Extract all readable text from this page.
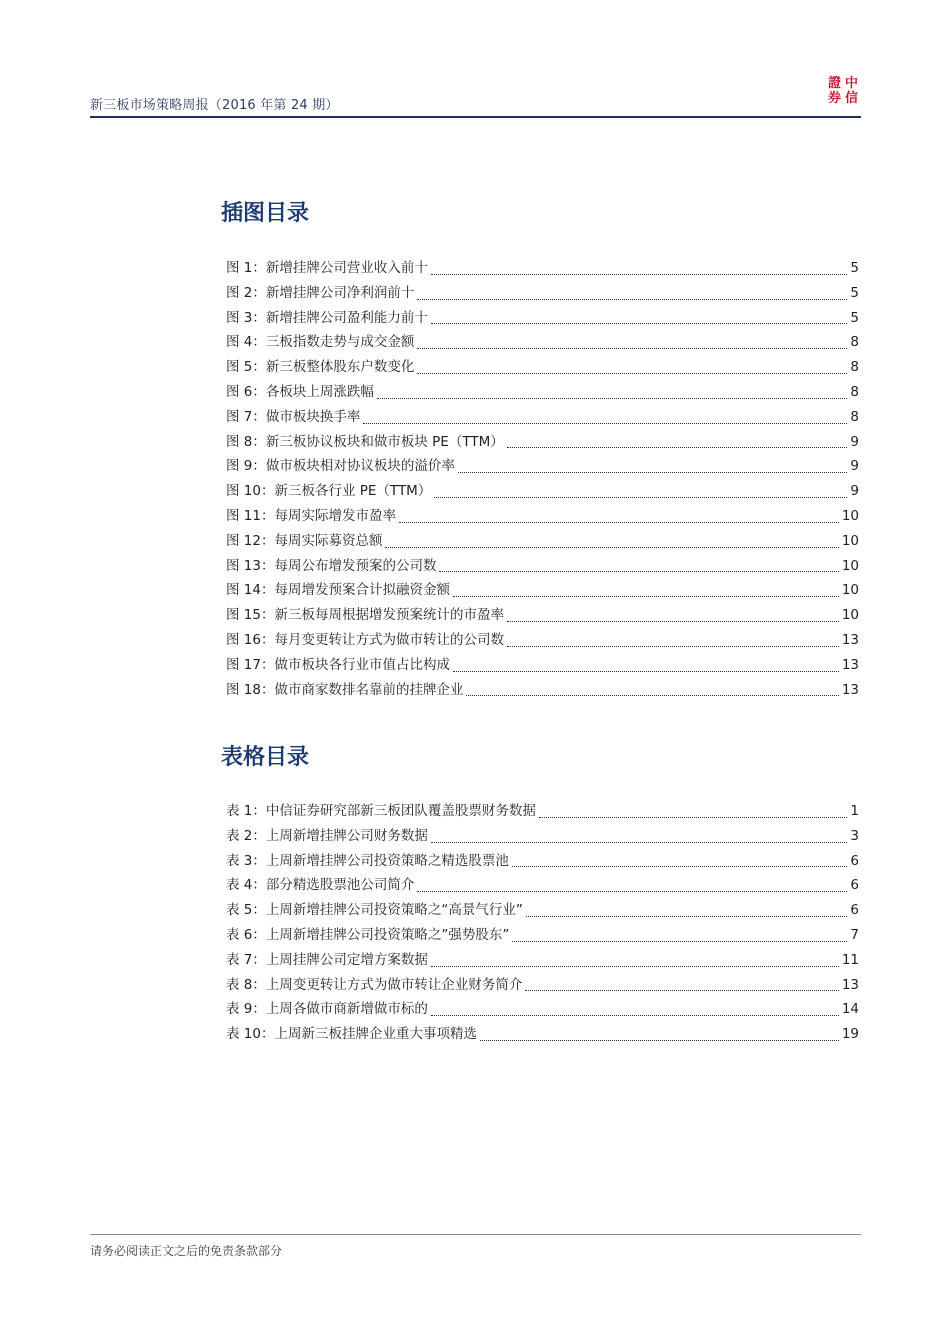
新三板市场策略周报（2016 年第 24 期）
證 中
券 信
插图目录
图 1：新增挂牌公司营业收入前十	5
图 2：新增挂牌公司净利润前十	5
图 3：新增挂牌公司盈利能力前十	5
图 4：三板指数走势与成交金额	8
图 5：新三板整体股东户数变化	8
图 6：各板块上周涨跌幅	8
图 7：做市板块换手率	8
图 8：新三板协议板块和做市板块 PE（TTM）	9
图 9：做市板块相对协议板块的溢价率	9
图 10：新三板各行业 PE（TTM）	9
图 11：每周实际增发市盈率	10
图 12：每周实际募资总额	10
图 13：每周公布增发预案的公司数	10
图 14：每周增发预案合计拟融资金额	10
图 15：新三板每周根据增发预案统计的市盈率	10
图 16：每月变更转让方式为做市转让的公司数	13
图 17：做市板块各行业市值占比构成	13
图 18：做市商家数排名靠前的挂牌企业	13
表格目录
表 1：中信证券研究部新三板团队覆盖股票财务数据	1
表 2：上周新增挂牌公司财务数据	3
表 3：上周新增挂牌公司投资策略之精选股票池	6
表 4：部分精选股票池公司简介	6
表 5：上周新增挂牌公司投资策略之“高景气行业”	6
表 6：上周新增挂牌公司投资策略之”强势股东”	7
表 7：上周挂牌公司定增方案数据	11
表 8：上周变更转让方式为做市转让企业财务简介	13
表 9：上周各做市商新增做市标的	14
表 10：上周新三板挂牌企业重大事项精选	19
请务必阅读正文之后的免责条款部分
